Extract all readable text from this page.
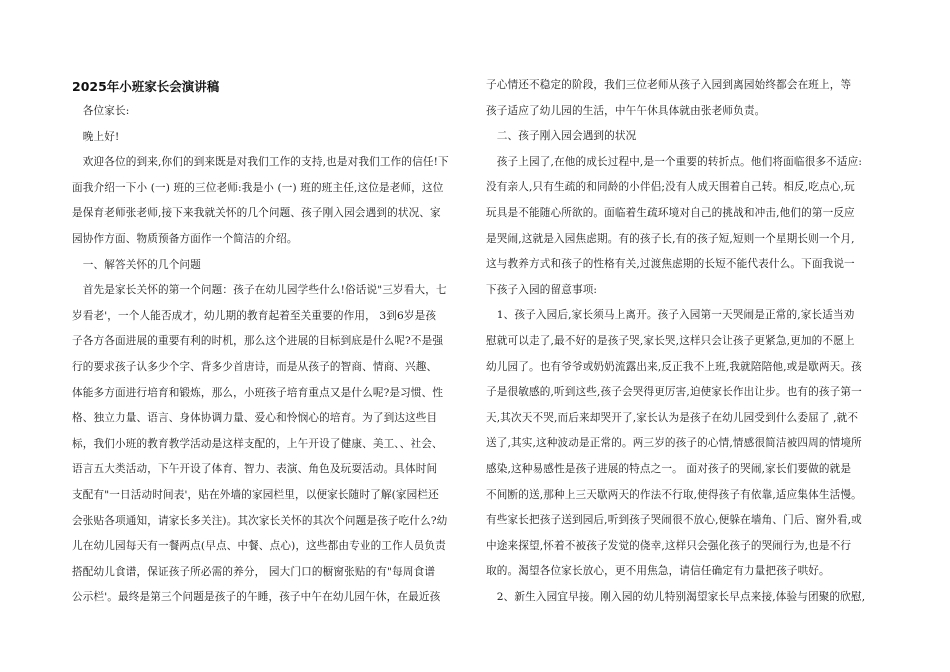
2025年小班家长会演讲稿
　各位家长:
　晚上好!
　欢迎各位的到来,你们的到来既是对我们工作的支持,也是对我们工作的信任!下
面我介绍一下小 (一) 班的三位老师:我是小 (一) 班的班主任,这位是老师，这位
是保育老师张老师,接下来我就关怀的几个问题、孩子刚入园会遇到的状况、家
园协作方面、物质预备方面作一个简洁的介绍。
　一、解答关怀的几个问题
　首先是家长关怀的第一个问题：孩子在幼儿园学些什么!俗话说"三岁看大，七
岁看老'，一个人能否成才，幼儿期的教育起着至关重要的作用， 3到6岁是孩
子各方各面进展的重要有利的时机，那么这个进展的目标到底是什么呢?不是强
行的要求孩子认多少个字、背多少首唐诗，而是从孩子的智商、情商、兴趣、
体能多方面进行培育和锻炼，那么，小班孩子培育重点又是什么呢?是习惯、性
格、独立力量、语言、身体协调力量、爱心和怜悯心的培育。为了到达这些目
标，我们小班的教育教学活动是这样支配的，上午开设了健康、美工、、社会、
语言五大类活动，下午开设了体育、智力、表演、角色及玩耍活动。具体时间
支配有"一日活动时间表'，贴在外墙的家园栏里，以便家长随时了解(家园栏还
会张贴各项通知，请家长多关注)。其次家长关怀的其次个问题是孩子吃什么?幼
儿在幼儿园每天有一餐两点(早点、中餐、点心)，这些都由专业的工作人员负责
搭配幼儿食谱，保证孩子所必需的养分， 园大门口的橱窗张贴的有"每周食谱
公示栏'。最终是第三个问题是孩子的午睡，孩子中午在幼儿园午休，在最近孩
子心情还不稳定的阶段，我们三位老师从孩子入园到离园始终都会在班上，等
孩子适应了幼儿园的生活，中午午休具体就由张老师负责。
　二、孩子刚入园会遇到的状况
　孩子上园了,在他的成长过程中,是一个重要的转折点。他们将面临很多不适应:
没有亲人,只有生疏的和同龄的小伴侣;没有人成天围着自己转。相反,吃点心,玩
玩具是不能随心所欲的。面临着生疏环境对自己的挑战和冲击,他们的第一反应
是哭闹,这就是入园焦虑期。有的孩子长,有的孩子短,短则一个星期长则一个月,
这与教养方式和孩子的性格有关,过渡焦虑期的长短不能代表什么。下面我说一
下孩子入园的留意事项:
　1、孩子入园后,家长须马上离开。孩子入园第一天哭闹是正常的,家长适当劝
慰就可以走了,最不好的是孩子哭,家长哭,这样只会让孩子更紧急,更加的不愿上
幼儿园了。也有爷爷或奶奶流露出来,反正我不上班,我就陪陪他,或是歇两天。孩
子是很敏感的,听到这些,孩子会哭得更厉害,迫使家长作出让步。也有的孩子第一
天,其次天不哭,而后来却哭开了,家长认为是孩子在幼儿园受到什么委屈了 ,就不
送了,其实,这种波动是正常的。两三岁的孩子的心情,情感很简洁被四周的情境所
感染,这种易感性是孩子进展的特点之一。 面对孩子的哭闹,家长们要做的就是
不间断的送,那种上三天歇两天的作法不行取,使得孩子有依靠,适应集体生活慢。
有些家长把孩子送到园后,听到孩子哭闹很不放心,便躲在墙角、门后、窗外看,或
中途来探望,怀着不被孩子发觉的侥幸,这样只会强化孩子的哭闹行为,也是不行
取的。渴望各位家长放心，更不用焦急，请信任确定有力量把孩子哄好。
　2、新生入园宜早接。刚入园的幼儿特别渴望家长早点来接,体验与团聚的欣慰,
